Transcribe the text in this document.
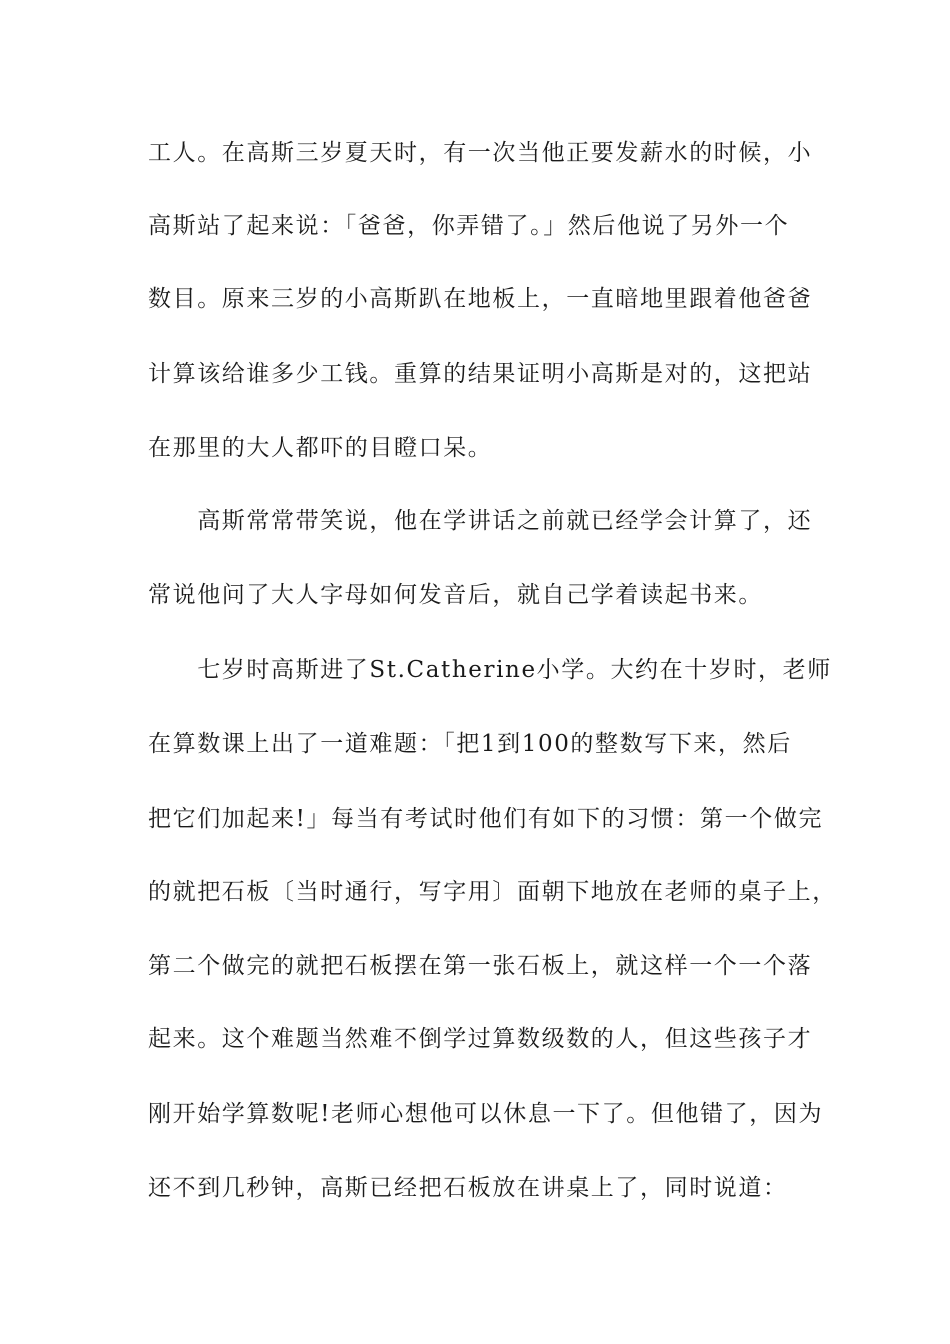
工人。在高斯三岁夏天时，有一次当他正要发薪水的时候，小
高斯站了起来说：「爸爸，你弄错了。」然后他说了另外一个
数目。原来三岁的小高斯趴在地板上，一直暗地里跟着他爸爸
计算该给谁多少工钱。重算的结果证明小高斯是对的，这把站
在那里的大人都吓的目瞪口呆。
　　高斯常常带笑说，他在学讲话之前就已经学会计算了，还
常说他问了大人字母如何发音后，就自己学着读起书来。
　　七岁时高斯进了St.Catherine小学。大约在十岁时，老师
在算数课上出了一道难题：「把1到100的整数写下来，然后
把它们加起来!」每当有考试时他们有如下的习惯：第一个做完
的就把石板〔当时通行，写字用〕面朝下地放在老师的桌子上，
第二个做完的就把石板摆在第一张石板上，就这样一个一个落
起来。这个难题当然难不倒学过算数级数的人，但这些孩子才
刚开始学算数呢!老师心想他可以休息一下了。但他错了，因为
还不到几秒钟，高斯已经把石板放在讲桌上了，同时说道：
